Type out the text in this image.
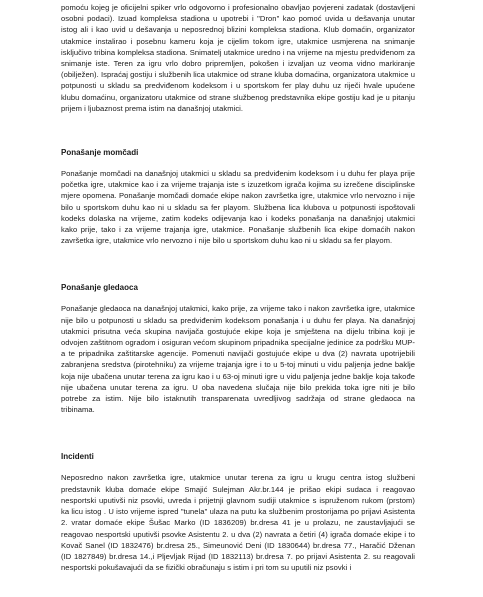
pomoću kojeg je oficijelni spiker vrlo odgovorno i profesionalno obavljao povjereni zadatak (dostavljeni osobni podaci). Izuad kompleksa stadiona u upotrebi i "Dron" kao pomoć uvida u dešavanja unutar istog ali i kao uvid u dešavanja u neposrednoj blizini kompleksa stadiona. Klub domaćin, organizator utakmice instalirao i posebnu kameru koja je cijelim tokom igre, utakmice usmjerena na snimanje isključivo tribina kompleksa stadiona. Snimatelj utakmice uredno i na vrijeme na mjestu predviđenom za snimanje iste. Teren za igru vrlo dobro pripremljen, pokošen i izvaljan uz veoma vidno markiranje (obilježen). Ispraćaj gostiju i službenih lica utakmice od strane kluba domaćina, organizatora utakmice u potpunosti u skladu sa predviđenom kodeksom i u sportskom fer play duhu uz riječi hvale upućene klubu domaćinu, organizatoru utakmice od strane službenog predstavnika ekipe gostiju kad je u pitanju prijem i ljubaznost prema istim na današnjoj utakmici.

Ponašanje momčadi

Ponašanje momčadi na današnjoj utakmici u skladu sa predviđenim kodeksom i u duhu fer playa prije početka igre, utakmice kao i za vrijeme trajanja iste s izuzetkom igrača kojima su izrečene disciplinske mjere opomena. Ponašanje momčadi domaće ekipe nakon završetka igre, utakmice vrlo nervozno i nije bilo u sportskom duhu kao ni u skladu sa fer playom. Službena lica klubova u potpunosti ispoštovali kodeks dolaska na vrijeme, zatim kodeks odijevanja kao i kodeks ponašanja na današnjoj utakmici kako prije, tako i za vrijeme trajanja igre, utakmice. Ponašanje službenih lica ekipe domaćih nakon završetka igre, utakmice vrlo nervozno i nije bilo u sportskom duhu kao ni u skladu sa fer playom.

Ponašanje gledaoca

Ponašanje gledaoca na današnjoj utakmici, kako prije, za vrijeme tako i nakon završetka igre, utakmice nije bilo u potpunosti u skladu sa predviđenim kodeksom ponašanja i u duhu fer playa. Na današnjoj utakmici prisutna veća skupina navijača gostujuće ekipe koja je smještena na dijelu tribina koji je odvojen zaštitnom ogradom i osiguran većom skupinom pripadnika specijalne jedinice za podršku MUP- a te pripadnika zaštitarske agencije. Pomenuti navijači gostujuće ekipe u dva (2) navrata upotrijebili zabranjena sredstva (pirotehniku) za vrijeme trajanja igre i to u 5-toj minuti u vidu paljenja jedne baklje koja nije ubačena unutar terena za igru kao i u 63-oj minuti igre u vidu paljenja jedne baklje koja takođe nije ubačena unutar terena za igru. U oba navedena slučaja nije bilo prekida toka igre niti je bilo potrebe za istim. Nije bilo istaknutih transparenata uvredljivog sadržaja od strane gledaoca na tribinama.

Incidenti

Neposredno nakon završetka igre, utakmice unutar terena za igru u krugu centra istog službeni predstavnik kluba domaće ekipe Smajić Sulejman Akr.br.144 je prišao ekipi sudaca i reagovao nesportski uputivši niz psovki, uvreda i prijetnji glavnom sudiji utakmice s ispruženom rukom (prstom) ka licu istog . U isto vrijeme ispred "tunela" ulaza na putu ka službenim prostorijama po prijavi Asistenta 2. vratar domaće ekipe Šušac Marko (ID 1836209) br.dresa 41 je u prolazu, ne zaustavljajući se reagovao nesportski uputivši psovke Asistentu 2. u dva (2) navrata a četiri (4) igrača domaće ekipe i to Kovač Sanel (ID 1832476) br.dresa 25., Simeunović Deni (ID 1830644) br.dresa 77., Haračić Dženan (ID 1827849) br.dresa 14.,i Pljevljak Rijad (ID 1832113) br.dresa 7. po prijavi Asistenta 2. su reagovali nesportski pokušavajući da se fizički obračunaju s istim i pri tom su uputili niz psovki i
